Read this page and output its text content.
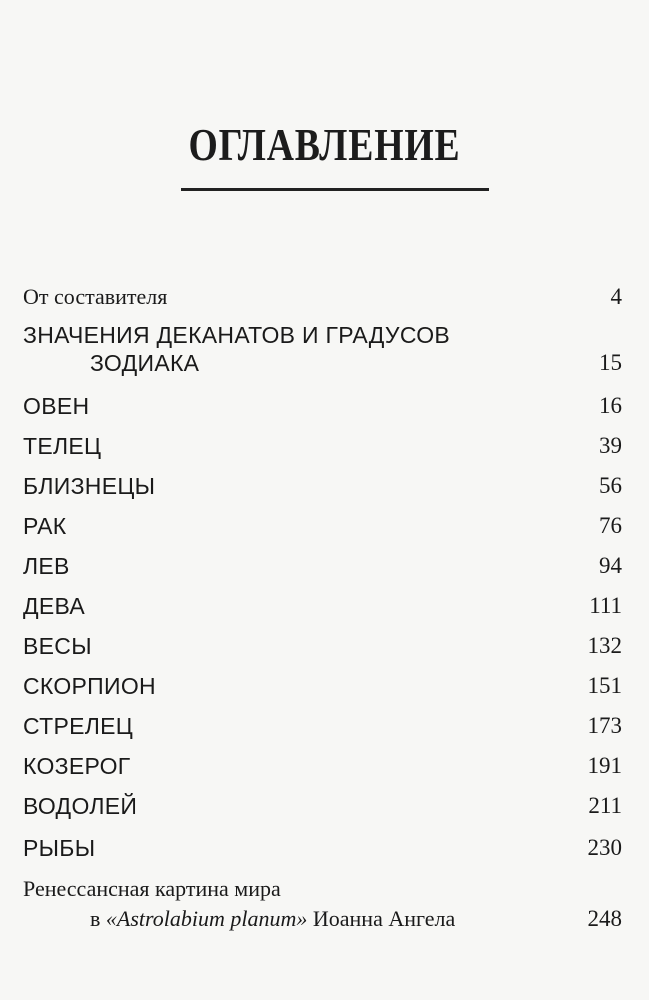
ОГЛАВЛЕНИЕ
От составителя	4
ЗНАЧЕНИЯ ДЕКАНАТОВ И ГРАДУСОВ
ЗОДИАКА	15
ОВЕН	16
ТЕЛЕЦ	39
БЛИЗНЕЦЫ	56
РАК	76
ЛЕВ	94
ДЕВА	111
ВЕСЫ	132
СКОРПИОН	151
СТРЕЛЕЦ	173
КОЗЕРОГ	191
ВОДОЛЕЙ	211
РЫБЫ	230
Ренессансная картина мира
в «Astrolabium planum» Иоанна Ангела	248
